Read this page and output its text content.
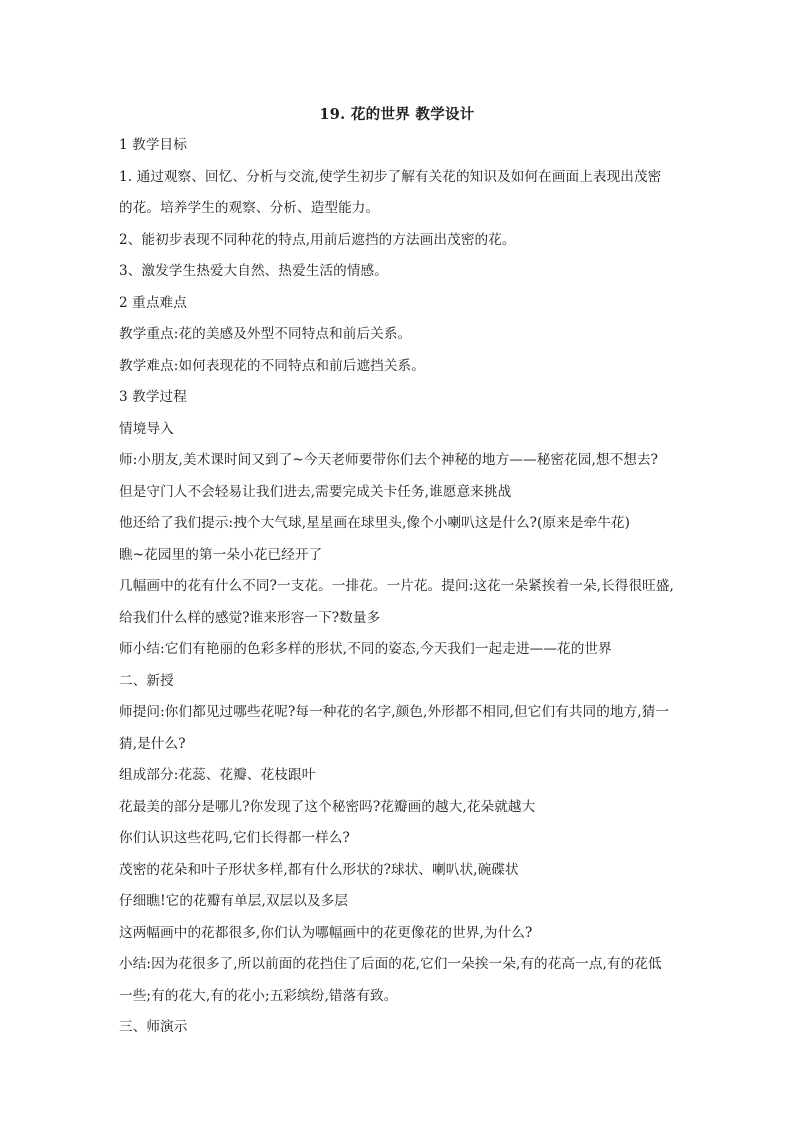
19. 花的世界 教学设计
1 教学目标
1. 通过观察、回忆、分析与交流,使学生初步了解有关花的知识及如何在画面上表现出茂密
的花。培养学生的观察、分析、造型能力。
2、能初步表现不同种花的特点,用前后遮挡的方法画出茂密的花。
3、激发学生热爱大自然、热爱生活的情感。
2 重点难点
教学重点:花的美感及外型不同特点和前后关系。
教学难点:如何表现花的不同特点和前后遮挡关系。
3 教学过程
情境导入
师:小朋友,美术课时间又到了~今天老师要带你们去个神秘的地方——秘密花园,想不想去?
但是守门人不会轻易让我们进去,需要完成关卡任务,谁愿意来挑战
他还给了我们提示:拽个大气球,星星画在球里头,像个小喇叭这是什么?(原来是牵牛花)
瞧~花园里的第一朵小花已经开了
几幅画中的花有什么不同?一支花。一排花。一片花。提问:这花一朵紧挨着一朵,长得很旺盛,
给我们什么样的感觉?谁来形容一下?数量多
师小结:它们有艳丽的色彩多样的形状,不同的姿态,今天我们一起走进——花的世界
二、新授
师提问:你们都见过哪些花呢?每一种花的名字,颜色,外形都不相同,但它们有共同的地方,猜一
猜,是什么?
组成部分:花蕊、花瓣、花枝跟叶
花最美的部分是哪儿?你发现了这个秘密吗?花瓣画的越大,花朵就越大
你们认识这些花吗,它们长得都一样么?
茂密的花朵和叶子形状多样,都有什么形状的?球状、喇叭状,碗碟状
仔细瞧!它的花瓣有单层,双层以及多层
这两幅画中的花都很多,你们认为哪幅画中的花更像花的世界,为什么?
小结:因为花很多了,所以前面的花挡住了后面的花,它们一朵挨一朵,有的花高一点,有的花低
一些;有的花大,有的花小;五彩缤纷,错落有致。
三、师演示
